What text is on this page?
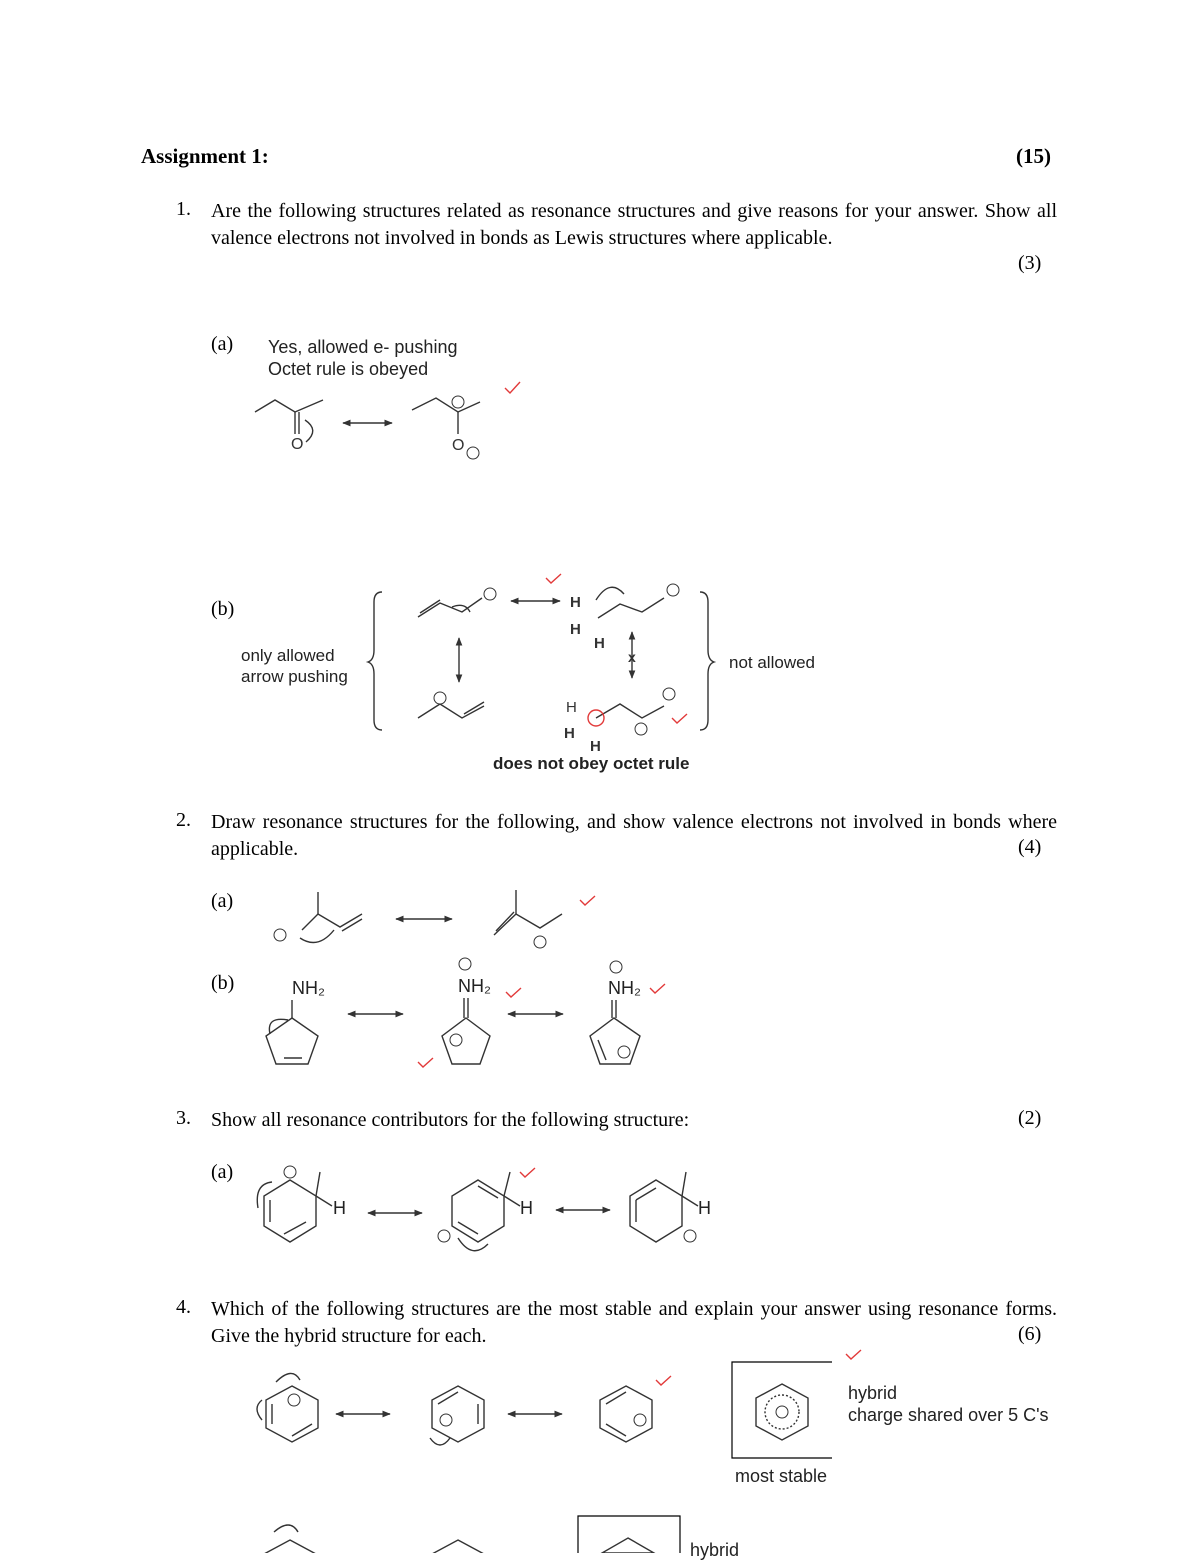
Assignment 1:	(15)
1. Are the following structures related as resonance structures and give reasons for your answer. Show all valence electrons not involved in bonds as Lewis structures where applicable.
(3)
(a) Yes, allowed e- pushing
Octet rule is obeyed
(b)
only allowed
arrow pushing
not allowed
does not obey octet rule
2. Draw resonance structures for the following, and show valence electrons not involved in bonds where applicable.	(4)
(a)
(b)	NH₂	NH₂	NH₂
3. Show all resonance contributors for the following structure:	(2)
(a)
H	H	H
4. Which of the following structures are the most stable and explain your answer using resonance forms. Give the hybrid structure for each.	(6)
hybrid
charge shared over 5 C's
most stable
hybrid
O	O
H
H
H
x
H
H
H
